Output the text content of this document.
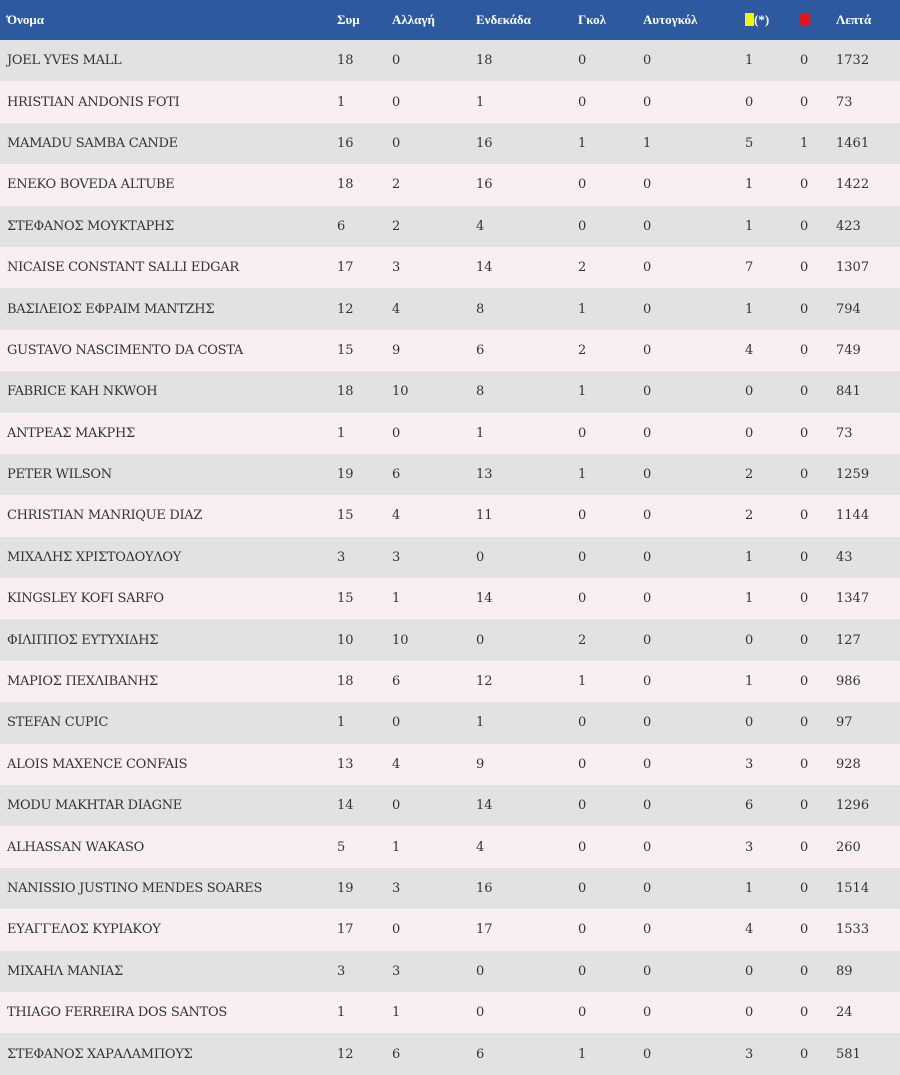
Όνομα	Συμ	Αλλαγή	Ενδεκάδα	Γκολ	Αυτογκόλ	(*)		Λεπτά
JOEL YVES MALL	18	0	18	0	0	1	0	1732
HRISTIAN ANDONIS FOTI	1	0	1	0	0	0	0	73
MAMADU SAMBA CANDE	16	0	16	1	1	5	1	1461
ENEKO BOVEDA ALTUBE	18	2	16	0	0	1	0	1422
ΣΤΕΦΑΝΟΣ ΜΟΥΚΤΑΡΗΣ	6	2	4	0	0	1	0	423
NICAISE CONSTANT SALLI EDGAR	17	3	14	2	0	7	0	1307
ΒΑΣΙΛΕΙΟΣ ΕΦΡΑΙΜ ΜΑΝΤΖΗΣ	12	4	8	1	0	1	0	794
GUSTAVO NASCIMENTO DA COSTA	15	9	6	2	0	4	0	749
FABRICE KAH NKWOH	18	10	8	1	0	0	0	841
ΑΝΤΡΕΑΣ ΜΑΚΡΗΣ	1	0	1	0	0	0	0	73
PETER WILSON	19	6	13	1	0	2	0	1259
CHRISTIAN MANRIQUE DIAZ	15	4	11	0	0	2	0	1144
ΜΙΧΑΛΗΣ ΧΡΙΣΤΟΔΟΥΛΟΥ	3	3	0	0	0	1	0	43
KINGSLEY KOFI SARFO	15	1	14	0	0	1	0	1347
ΦΙΛΙΠΠΟΣ ΕΥΤΥΧΙΔΗΣ	10	10	0	2	0	0	0	127
ΜΑΡΙΟΣ ΠΕΧΛΙΒΑΝΗΣ	18	6	12	1	0	1	0	986
STEFAN CUPIC	1	0	1	0	0	0	0	97
ALOIS MAXENCE CONFAIS	13	4	9	0	0	3	0	928
MODU MAKHTAR DIAGNE	14	0	14	0	0	6	0	1296
ALHASSAN WAKASO	5	1	4	0	0	3	0	260
NANISSIO JUSTINO MENDES SOARES	19	3	16	0	0	1	0	1514
ΕΥΑΓΓΕΛΟΣ ΚΥΡΙΑΚΟΥ	17	0	17	0	0	4	0	1533
ΜΙΧΑΗΛ ΜΑΝΙΑΣ	3	3	0	0	0	0	0	89
THIAGO FERREIRA DOS SANTOS	1	1	0	0	0	0	0	24
ΣΤΕΦΑΝΟΣ ΧΑΡΑΛΑΜΠΟΥΣ	12	6	6	1	0	3	0	581
